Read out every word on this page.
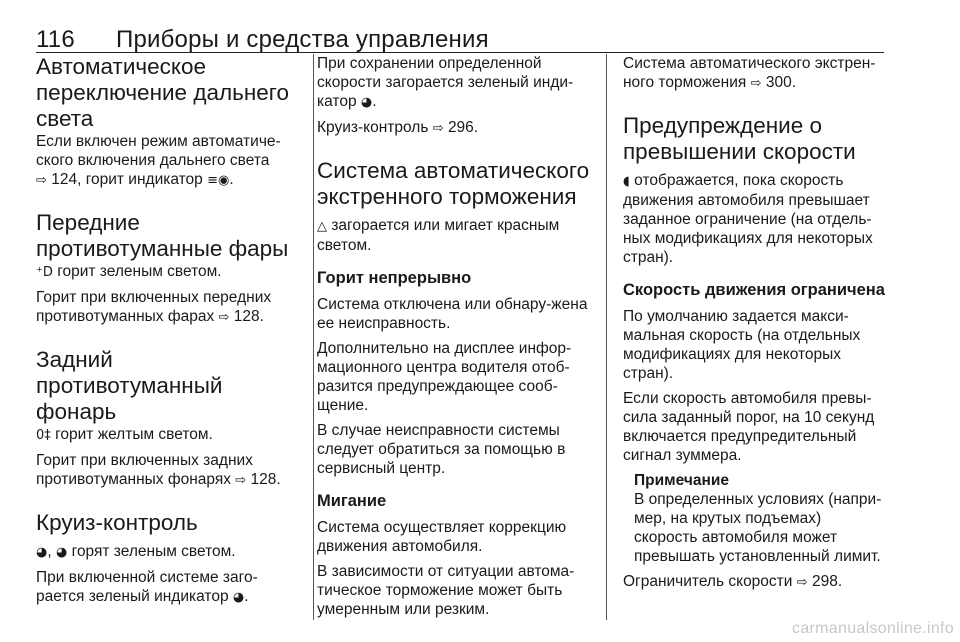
116	Приборы и средства управления
Автоматическое переключение дальнего света

Если включен режим автоматиче-ского включения дальнего света
⇨ 124, горит индикатор ≡◉.

Передние противотуманные фары

⁺D горит зеленым светом.

Горит при включенных передних противотуманных фарах ⇨ 128.

Задний противотуманный фонарь

0‡ горит желтым светом.

Горит при включенных задних противотуманных фонарях ⇨ 128.

Круиз-контроль

◕, ◕ горят зеленым светом.

При включенной системе заго-рается зеленый индикатор ◕.

При сохранении определенной скорости загорается зеленый инди-катор ◕.

Круиз-контроль ⇨ 296.

Система автоматического экстренного торможения

△ загорается или мигает красным светом.

Горит непрерывно

Система отключена или обнару-жена ее неисправность.

Дополнительно на дисплее инфор-мационного центра водителя отоб-разится предупреждающее сооб-щение.

В случае неисправности системы следует обратиться за помощью в сервисный центр.

Мигание

Система осуществляет коррекцию движения автомобиля.

В зависимости от ситуации автома-тическое торможение может быть умеренным или резким.

Система автоматического экстрен-ного торможения ⇨ 300.

Предупреждение о превышении скорости

◖ отображается, пока скорость движения автомобиля превышает заданное ограничение (на отдель-ных модификациях для некоторых стран).

Скорость движения ограничена

По умолчанию задается макси-мальная скорость (на отдельных модификациях для некоторых стран).

Если скорость автомобиля превы-сила заданный порог, на 10 секунд включается предупредительный сигнал зуммера.

Примечание

В определенных условиях (напри-мер, на крутых подъемах) скорость автомобиля может превышать установленный лимит.

Ограничитель скорости ⇨ 298.

carmanualsonline.info
